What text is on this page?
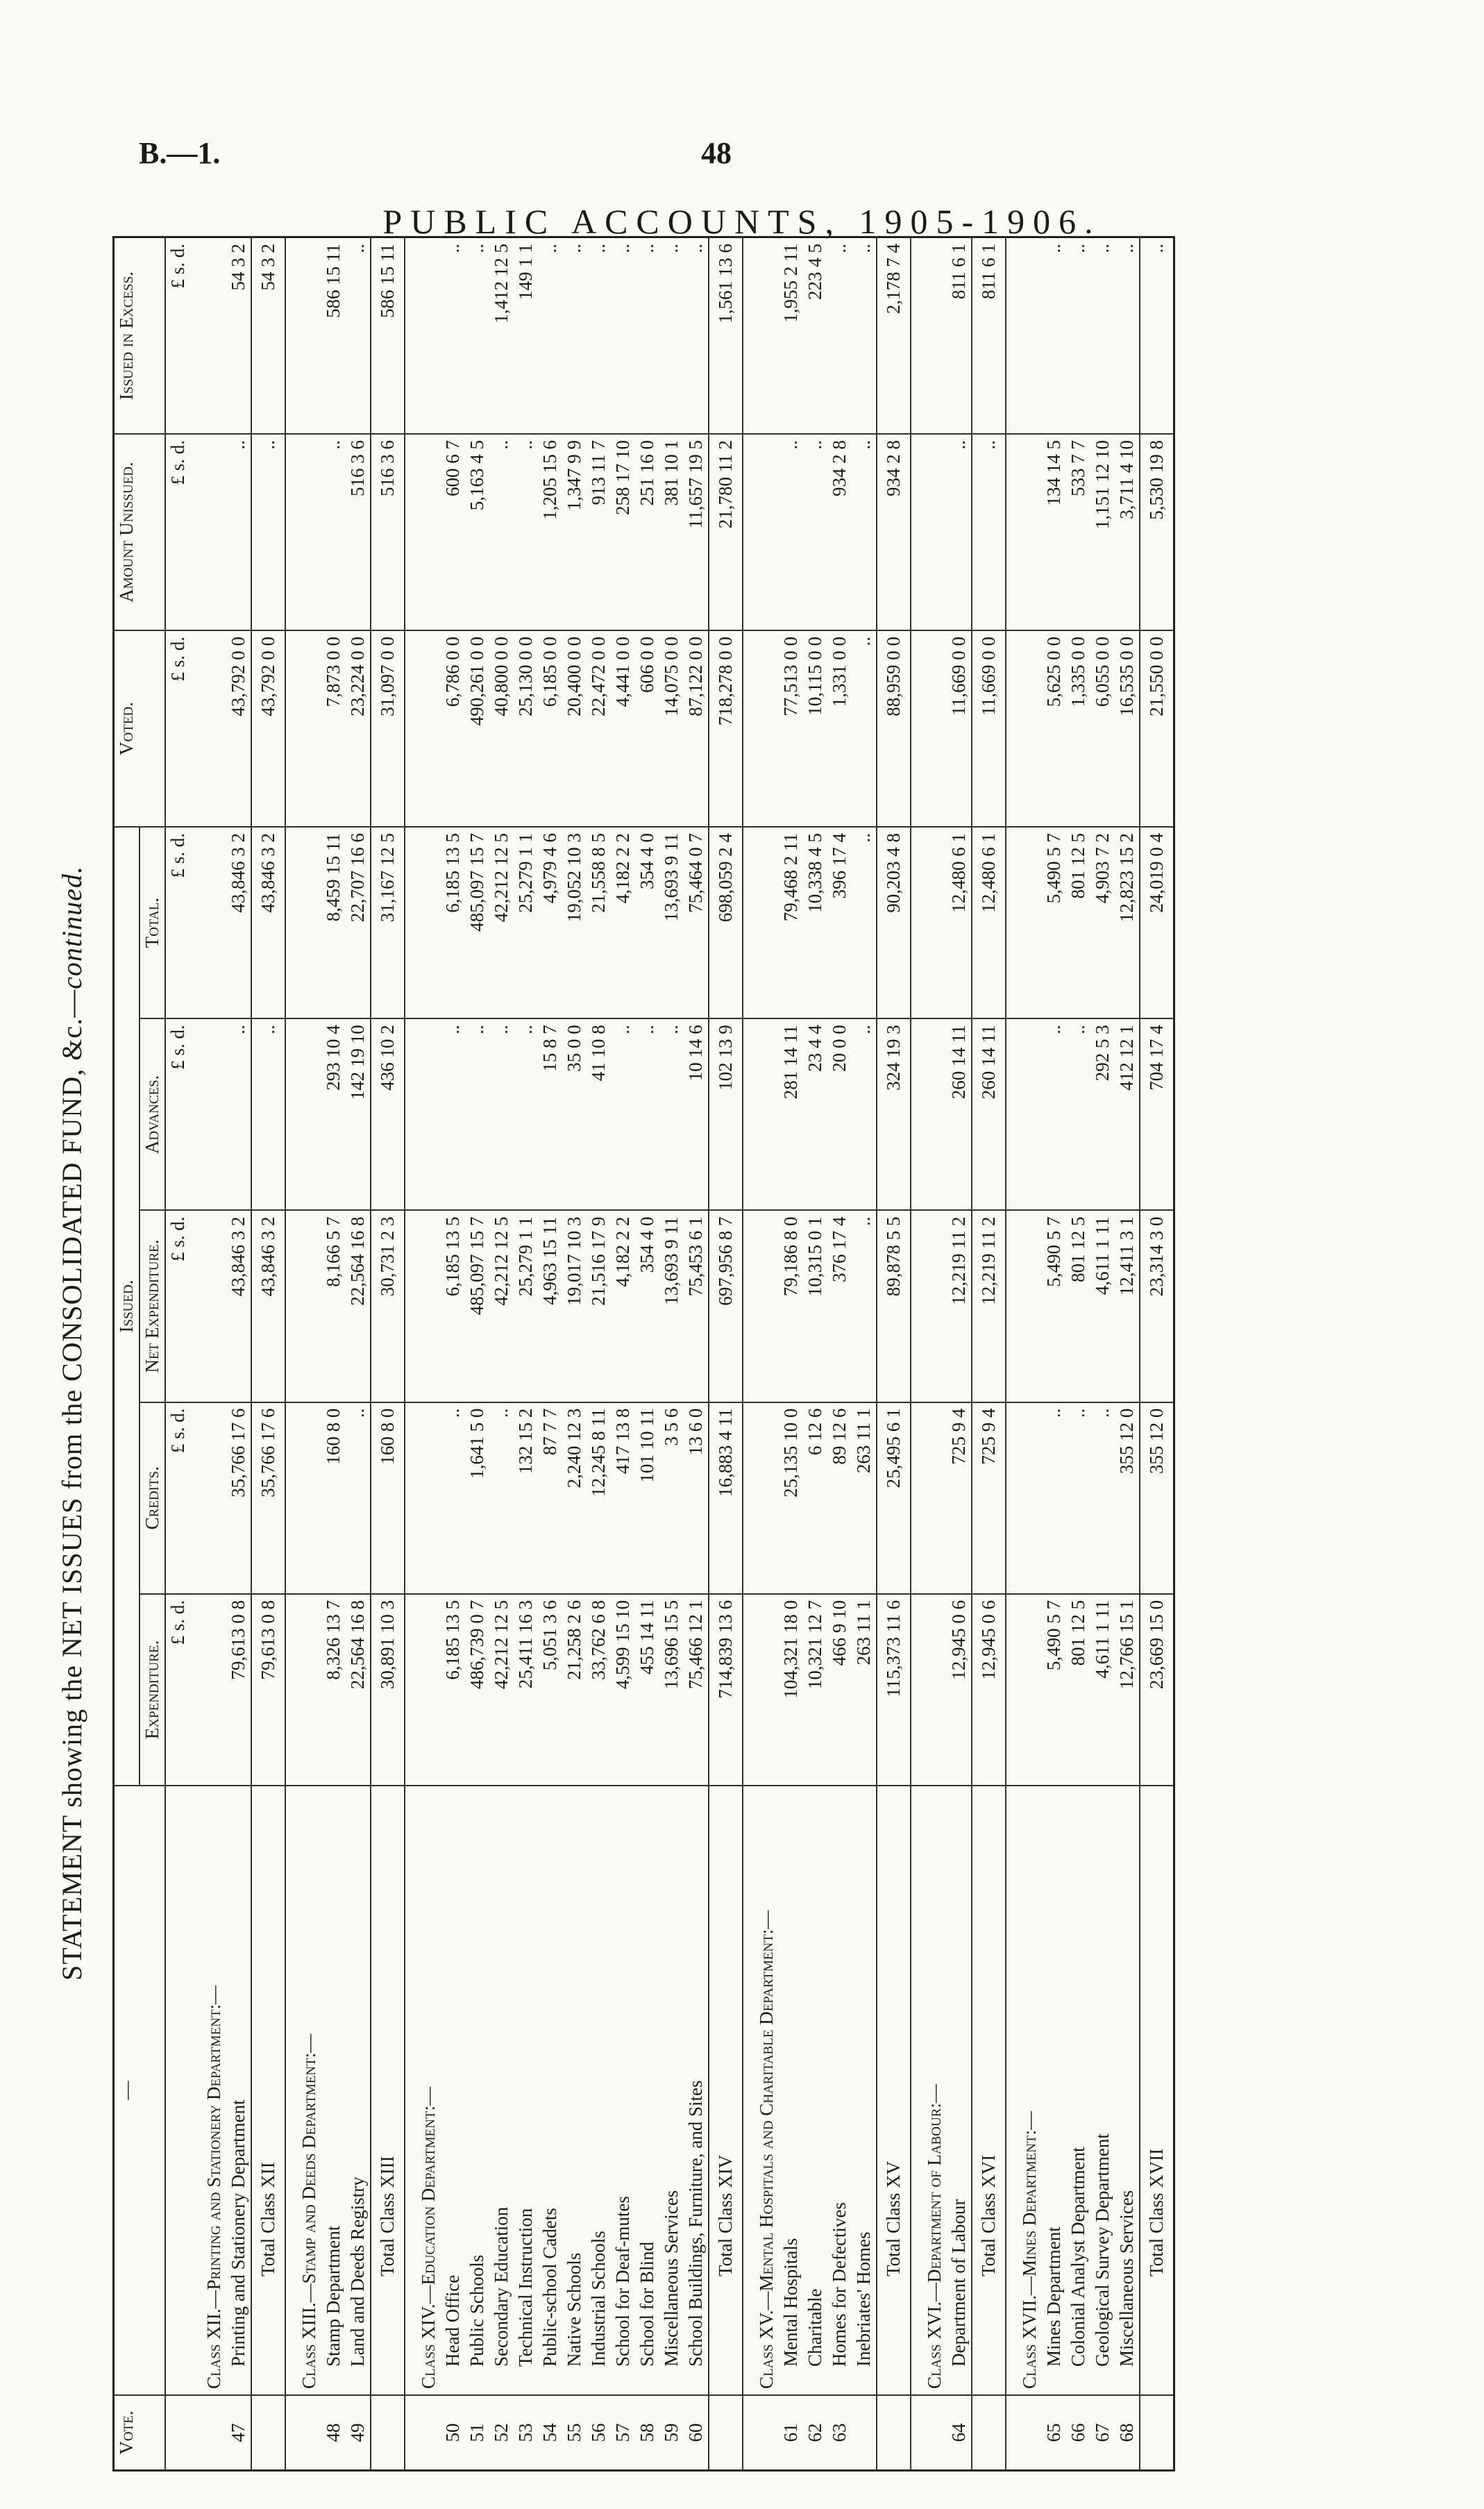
B.—1.	48
PUBLIC ACCOUNTS, 1905-1906.
STATEMENT showing the NET ISSUES from the CONSOLIDATED FUND, &c.—continued.
Vote.	—	Issued.					Voted.	Amount Unissued.	Issued in Excess.
		Expenditure.	Credits.	Net Expenditure.	Advances.	Total.			
		£ s. d.	£ s. d.	£ s. d.	£ s. d.	£ s. d.	£ s. d.	£ s. d.	£ s. d.
	Class XII.—Printing and Stationery Department:—								
47	Printing and Stationery Department	79,613 0 8	35,766 17 6	43,846 3 2	..	43,846 3 2	43,792 0 0	..	54 3 2
	Total Class XII	79,613 0 8	35,766 17 6	43,846 3 2	..	43,846 3 2	43,792 0 0	..	54 3 2
	Class XIII.—Stamp and Deeds Department:—								
48	Stamp Department	8,326 13 7	160 8 0	8,166 5 7	293 10 4	8,459 15 11	7,873 0 0	..	586 15 11
49	Land and Deeds Registry	22,564 16 8	..	22,564 16 8	142 19 10	22,707 16 6	23,224 0 0	516 3 6	..
	Total Class XIII	30,891 10 3	160 8 0	30,731 2 3	436 10 2	31,167 12 5	31,097 0 0	516 3 6	586 15 11
	Class XIV.—Education Department:—								
50	Head Office	6,185 13 5	..	6,185 13 5	..	6,185 13 5	6,786 0 0	600 6 7	..
51	Public Schools	486,739 0 7	1,641 5 0	485,097 15 7	..	485,097 15 7	490,261 0 0	5,163 4 5	..
52	Secondary Education	42,212 12 5	..	42,212 12 5	..	42,212 12 5	40,800 0 0	..	1,412 12 5
53	Technical Instruction	25,411 16 3	132 15 2	25,279 1 1	..	25,279 1 1	25,130 0 0	..	149 1 1
54	Public-school Cadets	5,051 3 6	87 7 7	4,963 15 11	15 8 7	4,979 4 6	6,185 0 0	1,205 15 6	..
55	Native Schools	21,258 2 6	2,240 12 3	19,017 10 3	35 0 0	19,052 10 3	20,400 0 0	1,347 9 9	..
56	Industrial Schools	33,762 6 8	12,245 8 11	21,516 17 9	41 10 8	21,558 8 5	22,472 0 0	913 11 7	..
57	School for Deaf-mutes	4,599 15 10	417 13 8	4,182 2 2	..	4,182 2 2	4,441 0 0	258 17 10	..
58	School for Blind	455 14 11	101 10 11	354 4 0	..	354 4 0	606 0 0	251 16 0	..
59	Miscellaneous Services	13,696 15 5	3 5 6	13,693 9 11	..	13,693 9 11	14,075 0 0	381 10 1	..
60	School Buildings, Furniture, and Sites	75,466 12 1	13 6 0	75,453 6 1	10 14 6	75,464 0 7	87,122 0 0	11,657 19 5	..
	Total Class XIV	714,839 13 6	16,883 4 11	697,956 8 7	102 13 9	698,059 2 4	718,278 0 0	21,780 11 2	1,561 13 6
	Class XV.—Mental Hospitals and Charitable Department:—								
61	Mental Hospitals	104,321 18 0	25,135 10 0	79,186 8 0	281 14 11	79,468 2 11	77,513 0 0	..	1,955 2 11
62	Charitable	10,321 12 7	6 12 6	10,315 0 1	23 4 4	10,338 4 5	10,115 0 0	..	223 4 5
63	Homes for Defectives	466 9 10	89 12 6	376 17 4	20 0 0	396 17 4	1,331 0 0	934 2 8	..
	Inebriates' Homes	263 11 1	263 11 1	..	..	..	..	..	..
	Total Class XV	115,373 11 6	25,495 6 1	89,878 5 5	324 19 3	90,203 4 8	88,959 0 0	934 2 8	2,178 7 4
	Class XVI.—Department of Labour:—								
64	Department of Labour	12,945 0 6	725 9 4	12,219 11 2	260 14 11	12,480 6 1	11,669 0 0	..	811 6 1
	Total Class XVI	12,945 0 6	725 9 4	12,219 11 2	260 14 11	12,480 6 1	11,669 0 0	..	811 6 1
	Class XVII.—Mines Department:—								
65	Mines Department	5,490 5 7	..	5,490 5 7	..	5,490 5 7	5,625 0 0	134 14 5	..
66	Colonial Analyst Department	801 12 5	..	801 12 5	..	801 12 5	1,335 0 0	533 7 7	..
67	Geological Survey Department	4,611 1 11	..	4,611 1 11	292 5 3	4,903 7 2	6,055 0 0	1,151 12 10	..
68	Miscellaneous Services	12,766 15 1	355 12 0	12,411 3 1	412 12 1	12,823 15 2	16,535 0 0	3,711 4 10	..
	Total Class XVII	23,669 15 0	355 12 0	23,314 3 0	704 17 4	24,019 0 4	21,550 0 0	5,530 19 8	..
